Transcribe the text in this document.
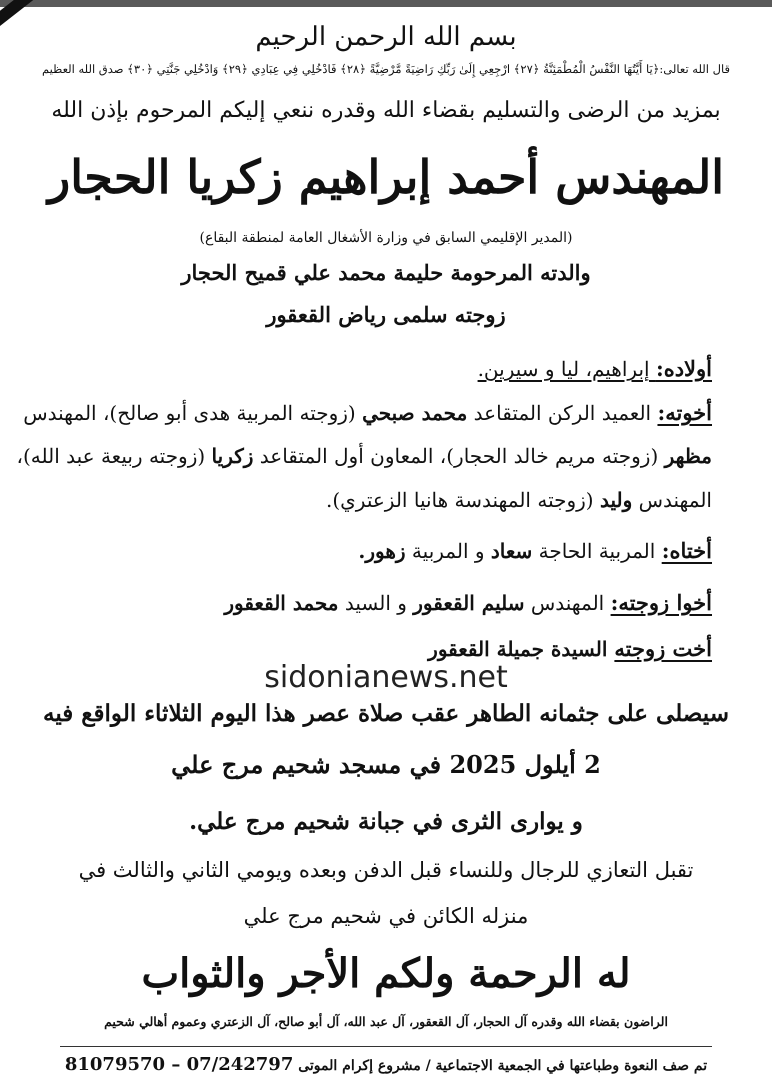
بسم الله الرحمن الرحيم
قال الله تعالى:﴿يَا أَيَّتُهَا النَّفْسُ الْمُطْمَئِنَّةُ ﴿٢٧﴾ ارْجِعِي إِلَىٰ رَبِّكِ رَاضِيَةً مَّرْضِيَّةً ﴿٢٨﴾ فَادْخُلِي فِي عِبَادِي ﴿٢٩﴾ وَادْخُلِي جَنَّتِي ﴿٣٠﴾ صدق الله العظيم
بمزيد من الرضى والتسليم بقضاء الله وقدره ننعي إليكم المرحوم بإذن الله
المهندس أحمد إبراهيم زكريا الحجار
(المدير الإقليمي السابق في وزارة الأشغال العامة لمنطقة البقاع)
والدته المرحومة حليمة محمد علي قميح الحجار
زوجته سلمى رياض القعقور
أولاده: إبراهيم، ليا و سيرين.
أخوته: العميد الركن المتقاعد محمد صبحي (زوجته المربية هدى أبو صالح)، المهندس
مظهر (زوجته مريم خالد الحجار)، المعاون أول المتقاعد زكريا (زوجته ربيعة عبد الله)،
المهندس وليد (زوجته المهندسة هانيا الزعتري).
أختاه: المربية الحاجة سعاد و المربية زهور.
أخوا زوجته: المهندس سليم القعقور و السيد محمد القعقور
أخت زوجته السيدة جميلة القعقور
sidonianews.net
سيصلى على جثمانه الطاهر عقب صلاة عصر هذا اليوم الثلاثاء الواقع فيه
2 أيلول 2025 في مسجد شحيم مرج علي
و يوارى الثرى في جبانة شحيم مرج علي.
تقبل التعازي للرجال وللنساء قبل الدفن وبعده ويومي الثاني والثالث في
منزله الكائن في شحيم مرج علي
له الرحمة ولكم الأجر والثواب
الراضون بقضاء الله وقدره آل الحجار، آل القعقور، آل عبد الله، آل أبو صالح، آل الزعتري وعموم أهالي شحيم
تم صف النعوة وطباعتها في الجمعية الاجتماعية / مشروع إكرام الموتى 81079570 – 07/242797
